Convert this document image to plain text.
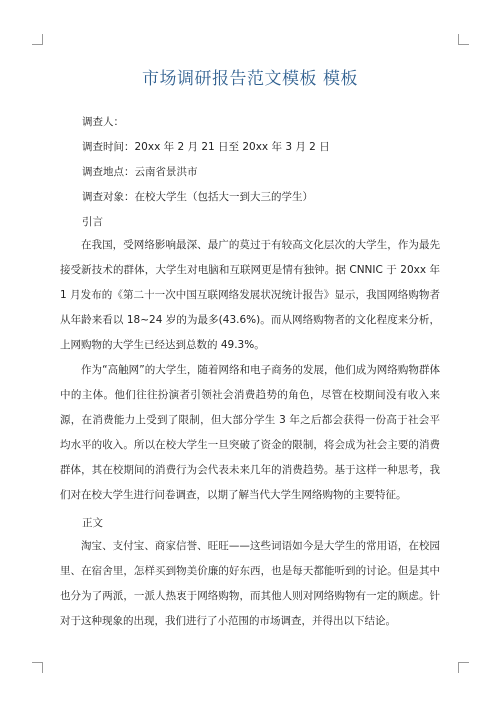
市场调研报告范文模板 模板
调查人：
调查时间：20xx 年 2 月 21 日至 20xx 年 3 月 2 日
调查地点：云南省景洪市
调查对象：在校大学生（包括大一到大三的学生）
引言

在我国，受网络影响最深、最广的莫过于有较高文化层次的大学生，作为最先接受新技术的群体，大学生对电脑和互联网更是情有独钟。据 CNNIC 于 20xx 年 1 月发布的《第二十一次中国互联网络发展状况统计报告》显示，我国网络购物者从年龄来看以 18~24 岁的为最多(43.6%)。而从网络购物者的文化程度来分析，上网购物的大学生已经达到总数的 49.3%。

作为“高触网”的大学生，随着网络和电子商务的发展，他们成为网络购物群体中的主体。他们往往扮演者引领社会消费趋势的角色，尽管在校期间没有收入来源，在消费能力上受到了限制，但大部分学生 3 年之后都会获得一份高于社会平均水平的收入。所以在校大学生一旦突破了资金的限制，将会成为社会主要的消费群体，其在校期间的消费行为会代表未来几年的消费趋势。基于这样一种思考，我们对在校大学生进行问卷调查，以期了解当代大学生网络购物的主要特征。

正文

淘宝、支付宝、商家信誉、旺旺——这些词语如今是大学生的常用语，在校园里、在宿舍里，怎样买到物美价廉的好东西，也是每天都能听到的讨论。但是其中也分为了两派，一派人热衷于网络购物，而其他人则对网络购物有一定的顾虑。针对于这种现象的出现，我们进行了小范围的市场调查，并得出以下结论。
